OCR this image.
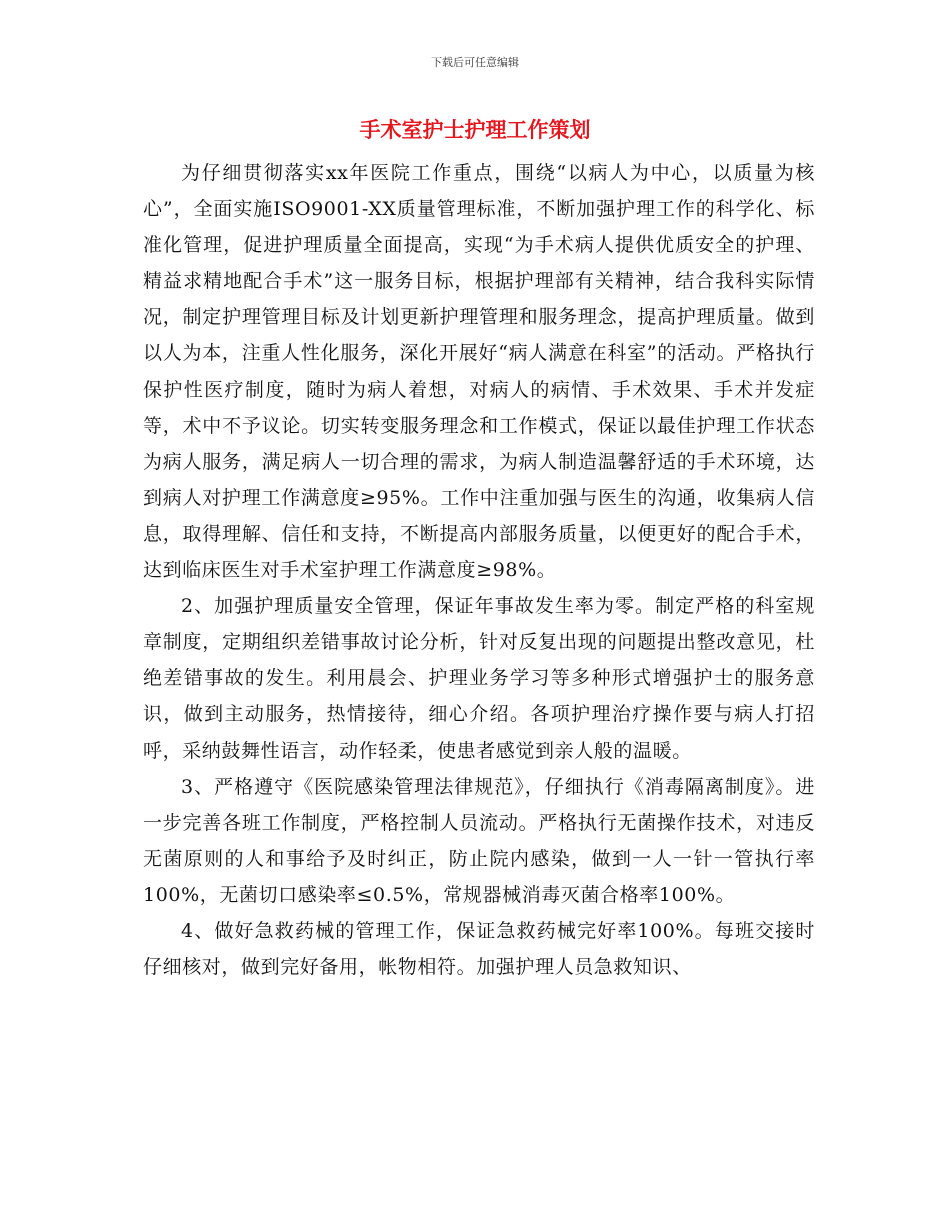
下载后可任意编辑
手术室护士护理工作策划

为仔细贯彻落实xx年医院工作重点，围绕“以病人为中心，以质量为核心”，全面实施ISO9001-XX质量管理标准，不断加强护理工作的科学化、标准化管理，促进护理质量全面提高，实现“为手术病人提供优质安全的护理、精益求精地配合手术”这一服务目标，根据护理部有关精神，结合我科实际情况，制定护理管理目标及计划更新护理管理和服务理念，提高护理质量。做到以人为本，注重人性化服务，深化开展好“病人满意在科室”的活动。严格执行保护性医疗制度，随时为病人着想，对病人的病情、手术效果、手术并发症等，术中不予议论。切实转变服务理念和工作模式，保证以最佳护理工作状态为病人服务，满足病人一切合理的需求，为病人制造温馨舒适的手术环境，达到病人对护理工作满意度≥95%。工作中注重加强与医生的沟通，收集病人信息，取得理解、信任和支持，不断提高内部服务质量，以便更好的配合手术，达到临床医生对手术室护理工作满意度≥98%。

2、加强护理质量安全管理，保证年事故发生率为零。制定严格的科室规章制度，定期组织差错事故讨论分析，针对反复出现的问题提出整改意见，杜绝差错事故的发生。利用晨会、护理业务学习等多种形式增强护士的服务意识，做到主动服务，热情接待，细心介绍。各项护理治疗操作要与病人打招呼，采纳鼓舞性语言，动作轻柔，使患者感觉到亲人般的温暖。

3、严格遵守《医院感染管理法律规范》，仔细执行《消毒隔离制度》。进一步完善各班工作制度，严格控制人员流动。严格执行无菌操作技术，对违反无菌原则的人和事给予及时纠正，防止院内感染，做到一人一针一管执行率100%，无菌切口感染率≤0.5%，常规器械消毒灭菌合格率100%。

4、做好急救药械的管理工作，保证急救药械完好率100%。每班交接时仔细核对，做到完好备用，帐物相符。加强护理人员急救知识、
